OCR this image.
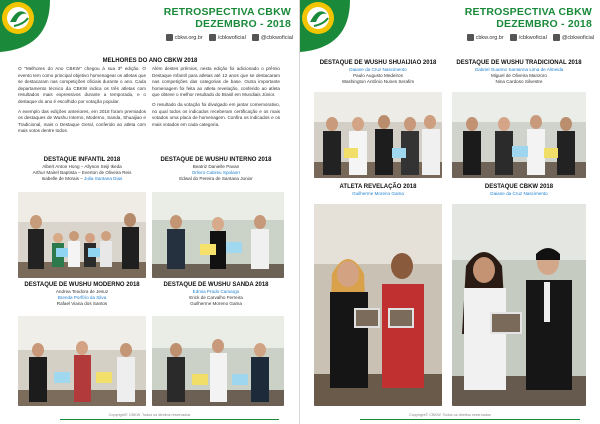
RETROSPECTIVA CBKW
DEZEMBRO - 2018
cbkw.org.br	/cbkwoficial	@cbkwoficial
MELHORES DO ANO CBKW 2018

O "Melhores do Ano CBKW" chegou à sua 3ª edição. O evento tem como principal objetivo homenagear os atletas que se destacaram nas competições oficiais durante o ano. Cada departamento técnico da CBKW indica os três atletas com resultados mais expressivos durante a temporada, e o destaque do ano é escolhido por votação popular.

A exemplo das edições anteriores, em 2018 foram premiados os destaques de Wushu Interno, Moderno, Sanda, Shuaijiao e Tradicional, mais o Destaque Geral, conferido ao atleta com mais votos dentre todos.

Além destes prêmios, nesta edição foi adicionado o prêmio Destaque Infantil para atletas até 12 anos que se destacaram nas competições das categorias de base. Outra importante homenagem foi feita ao atleta revelação, conferido ao atleta que obteve o melhor resultado do Brasil em Mundiais Júnior.

O resultado da votação foi divulgado em jantar comemorativo, no qual todos os indicados receberam certificação e os mais votados uma placa de homenagem. Confira os indicados e os mais votados em cada categoria.

DESTAQUE INFANTIL 2018
Albert Anton Hong – Allyson Seiji Ikeda
Arthur Mairel Baptista – Everton de Oliveira Reis
Isabelle de Morais – Julia Santana Dias
DESTAQUE DE WUSHU INTERNO 2018
Beatriz Danielle Pavan
Orlivro Cabreu Spolaorr
Edwal do Pereira de Santana Junior
DESTAQUE DE WUSHU MODERNO 2018
Andrea Teodora de Jesuz
Brenda Porfírio da Silva
Rafael Viana dos Santos
DESTAQUE DE WUSHU SANDA 2018
Edmia Prado Camargo
Erick de Carvalho Ferreira
Guilherme Moreno Gama
Copyright© CBKW. Todos os direitos reservados
RETROSPECTIVA CBKW
DEZEMBRO - 2018
cbkw.org.br	/cbkwoficial	@cbkwoficial
DESTAQUE DE WUSHU SHUAIJIAO 2018
Daiane da Cruz Nascimento
Paulo Augusto Medeiros
Washington Antônio Nunes Serafim
DESTAQUE DE WUSHU TRADICIONAL 2018
Gabriel Guarino Santanna Lima de Almeida
Miguel de Oliveira Manzoro
Nina Cardoso Silvestre
ATLETA REVELAÇÃO 2018
Guilherme Moreno Gama
DESTAQUE CBKW 2018
Daiane da Cruz Nascimento
Copyright© CBKW. Todos os direitos reservados
